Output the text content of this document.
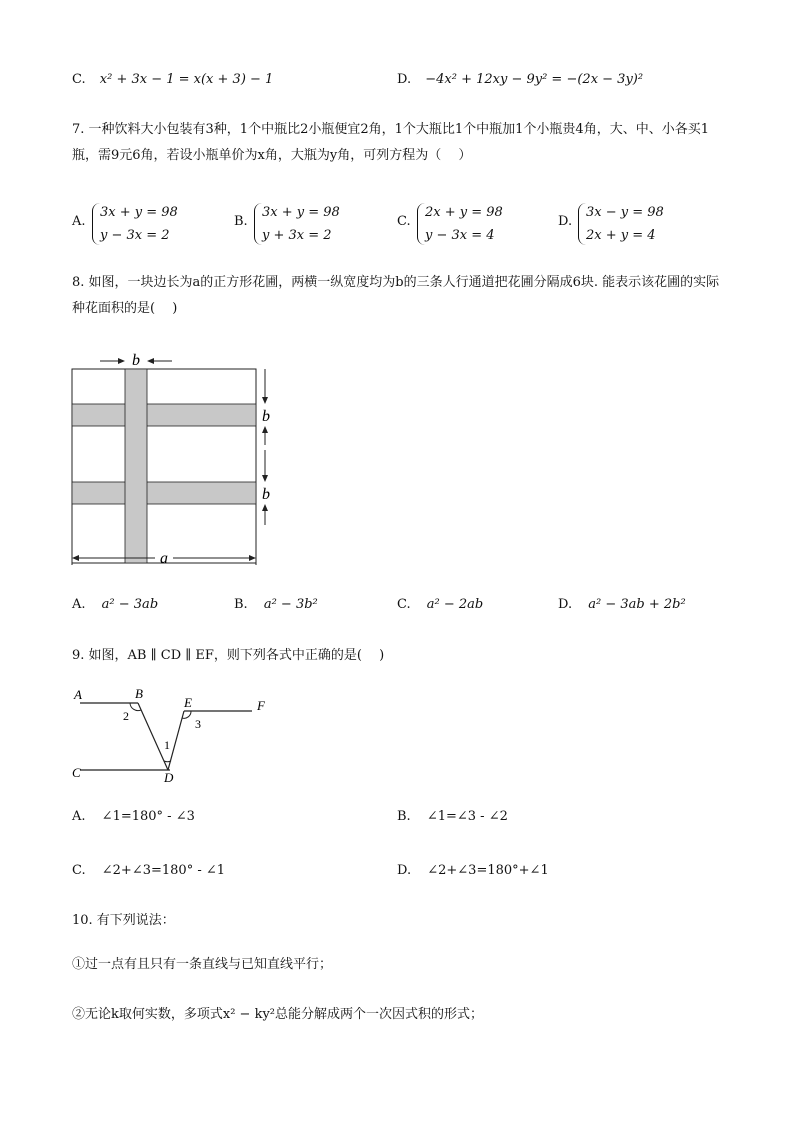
C. x² + 3x − 1 = x(x + 3) − 1	D. −4x² + 12xy − 9y² = −(2x − 3y)²
7. 一种饮料大小包装有3种，1个中瓶比2小瓶便宜2角，1个大瓶比1个中瓶加1个小瓶贵4角，大、中、小各买1瓶，需9元6角，若设小瓶单价为x角，大瓶为y角，可列方程为（　 ）
A.
3x + y = 98
y − 3x = 2
B.
3x + y = 98
y + 3x = 2
C.
2x + y = 98
y − 3x = 4
D.
3x − y = 98
2x + y = 4
8. 如图，一块边长为a的正方形花圃，两横一纵宽度均为b的三条人行通道把花圃分隔成6块. 能表示该花圃的实际种花面积的是(　 )
b
b
b
a
A. a² − 3ab	B. a² − 3b²	C. a² − 2ab	D. a² − 3ab + 2b²
9. 如图，AB ∥ CD ∥ EF，则下列各式中正确的是(　 )
A	B
E	F
C	D
1
2
3
A. ∠1=180° - ∠3	B. ∠1=∠3 - ∠2
C. ∠2+∠3=180° - ∠1	D. ∠2+∠3=180°+∠1
10. 有下列说法：
①过一点有且只有一条直线与已知直线平行；
②无论k取何实数，多项式x² − ky²总能分解成两个一次因式积的形式；
